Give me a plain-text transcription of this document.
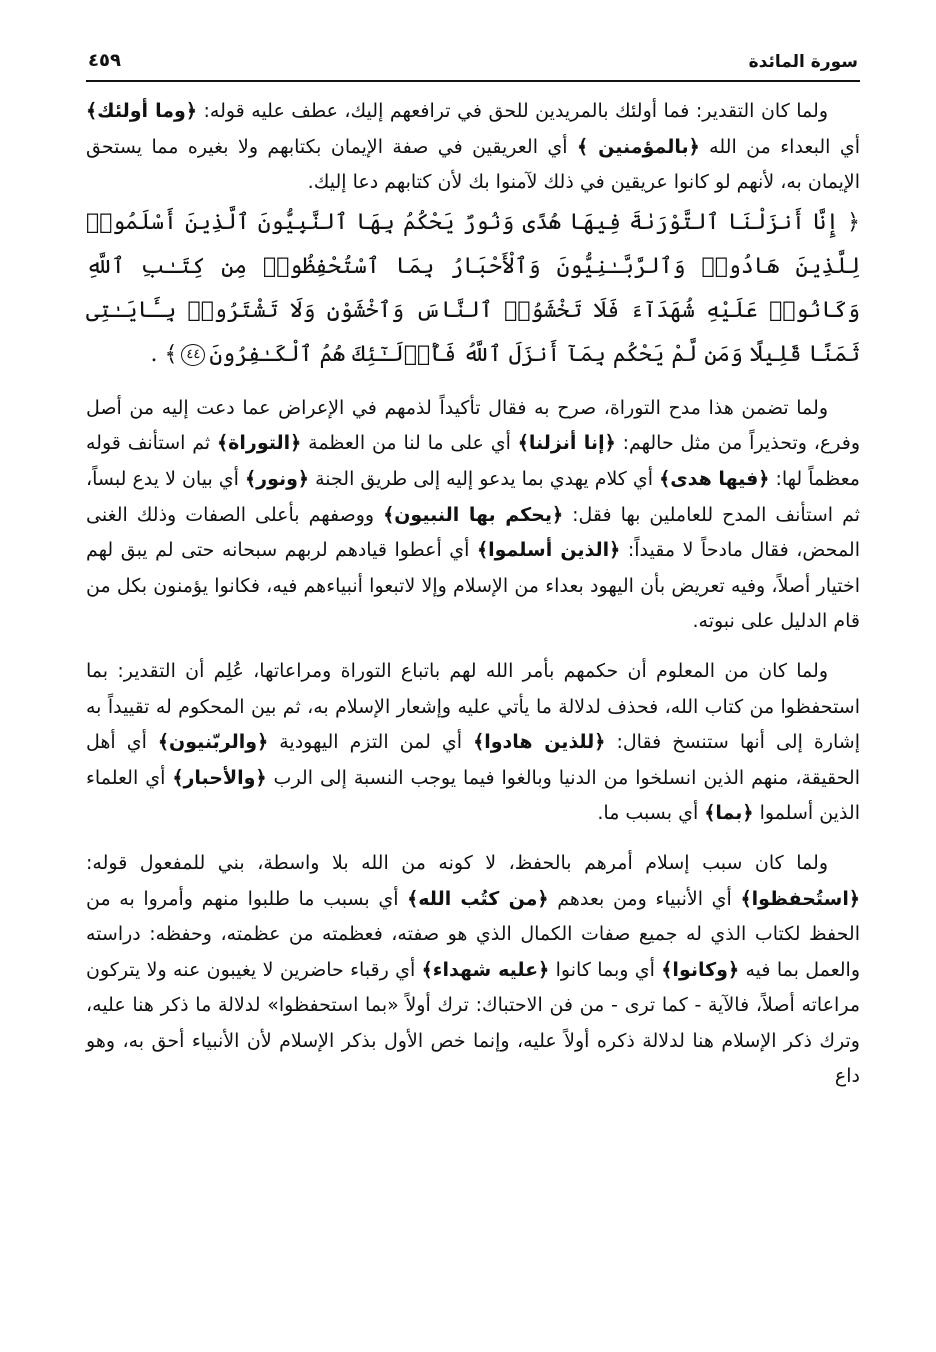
سورة المائدة
٤٥٩

ولما كان التقدير: فما أولئك بالمريدين للحق في ترافعهم إليك، عطف عليه قوله: ﴿وما أولئك﴾ أي البعداء من الله ﴿بالمؤمنين ﴾ أي العريقين في صفة الإيمان بكتابهم ولا بغيره مما يستحق الإيمان به، لأنهم لو كانوا عريقين في ذلك لآمنوا بك لأن كتابهم دعا إليك.

﴿ إِنَّا أَنزَلْنَا ٱلتَّوْرَىٰةَ فِيهَا هُدًى وَنُورٌ يَحْكُمُ بِهَا ٱلنَّبِيُّونَ ٱلَّذِينَ أَسْلَمُوا۟ لِلَّذِينَ هَادُوا۟ وَٱلرَّبَّـٰنِيُّونَ وَٱلْأَحْبَارُ بِمَا ٱسْتُحْفِظُوا۟ مِن كِتَـٰبِ ٱللَّهِ وَكَانُوا۟ عَلَيْهِ شُهَدَآءَ فَلَا تَخْشَوُا۟ ٱلنَّاسَ وَٱخْشَوْنِ وَلَا تَشْتَرُوا۟ بِـَٔايَـٰتِى ثَمَنًا قَلِيلًا وَمَن لَّمْ يَحْكُم بِمَآ أَنزَلَ ٱللَّهُ فَأُو۟لَـٰٓئِكَ هُمُ ٱلْكَـٰفِرُونَ٤٤﴾ .

ولما تضمن هذا مدح التوراة، صرح به فقال تأكيداً لذمهم في الإعراض عما دعت إليه من أصل وفرع، وتحذيراً من مثل حالهم: ﴿إنا أنزلنا﴾ أي على ما لنا من العظمة ﴿التوراة﴾ ثم استأنف قوله معظماً لها: ﴿فيها هدى﴾ أي كلام يهدي بما يدعو إليه إلى طريق الجنة ﴿ونور﴾ أي بيان لا يدع لبساً، ثم استأنف المدح للعاملين بها فقل: ﴿يحكم بها النبيون﴾ ووصفهم بأعلى الصفات وذلك الغنى المحض، فقال مادحاً لا مقيداً: ﴿الذين أسلموا﴾ أي أعطوا قيادهم لربهم سبحانه حتى لم يبق لهم اختيار أصلاً، وفيه تعريض بأن اليهود بعداء من الإسلام وإلا لاتبعوا أنبياءهم فيه، فكانوا يؤمنون بكل من قام الدليل على نبوته.

ولما كان من المعلوم أن حكمهم بأمر الله لهم باتباع التوراة ومراعاتها، عُلِم أن التقدير: بما استحفظوا من كتاب الله، فحذف لدلالة ما يأتي عليه وإشعار الإسلام به، ثم بين المحكوم له تقييداً به إشارة إلى أنها ستنسخ فقال: ﴿للذين هادوا﴾ أي لمن التزم اليهودية ﴿والربّنيون﴾ أي أهل الحقيقة، منهم الذين انسلخوا من الدنيا وبالغوا فيما يوجب النسبة إلى الرب ﴿والأحبار﴾ أي العلماء الذين أسلموا ﴿بما﴾ أي بسبب ما.

ولما كان سبب إسلام أمرهم بالحفظ، لا كونه من الله بلا واسطة، بني للمفعول قوله: ﴿استُحفظوا﴾ أي الأنبياء ومن بعدهم ﴿من كتُب الله﴾ أي بسبب ما طلبوا منهم وأمروا به من الحفظ لكتاب الذي له جميع صفات الكمال الذي هو صفته، فعظمته من عظمته، وحفظه: دراسته والعمل بما فيه ﴿وكانوا﴾ أي وبما كانوا ﴿عليه شهداء﴾ أي رقباء حاضرين لا يغيبون عنه ولا يتركون مراعاته أصلاً، فالآية - كما ترى - من فن الاحتباك: ترك أولاً «بما استحفظوا» لدلالة ما ذكر هنا عليه، وترك ذكر الإسلام هنا لدلالة ذكره أولاً عليه، وإنما خص الأول بذكر الإسلام لأن الأنبياء أحق به، وهو داع
